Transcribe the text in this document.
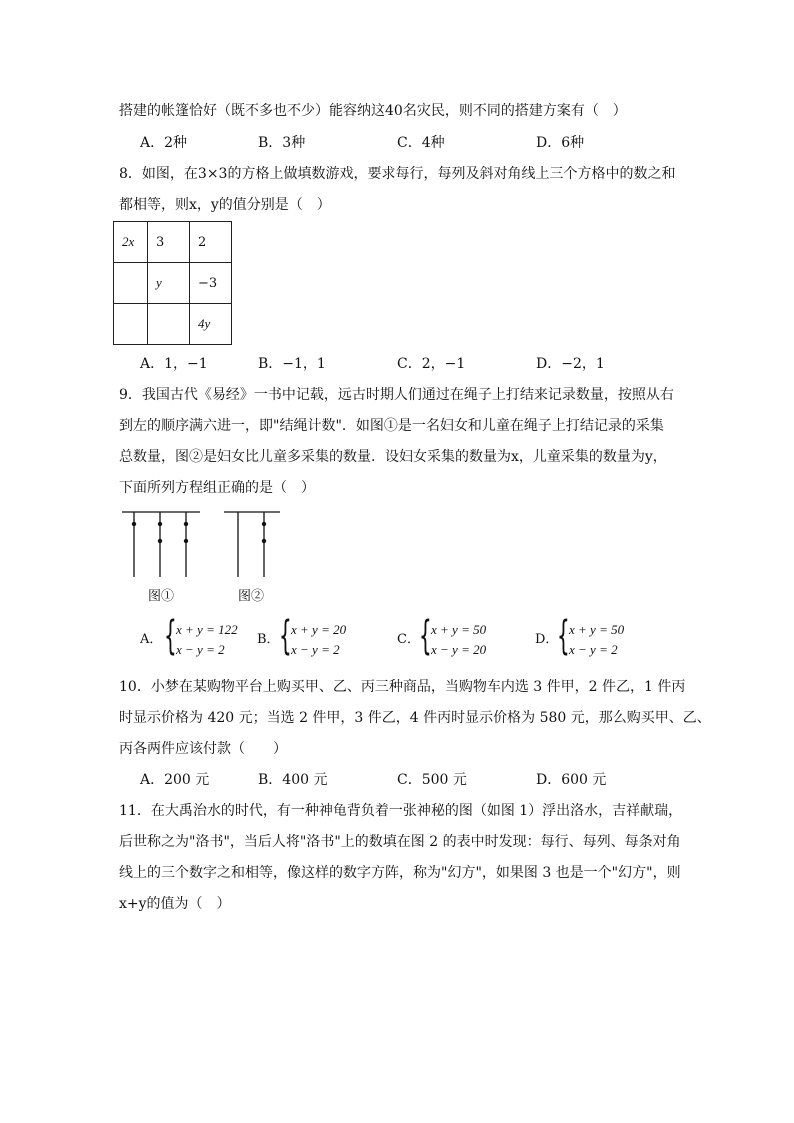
搭建的帐篷恰好（既不多也不少）能容纳这40名灾民，则不同的搭建方案有（　）
A．2种	B．3种	C．4种	D．6种
8．如图，在3×3的方格上做填数游戏，要求每行，每列及斜对角线上三个方格中的数之和
都相等，则x，y的值分别是（　）
2x	3	2
	y	−3
		4y
A．1，−1	B．−1，1	C．2，−1	D．−2，1
9．我国古代《易经》一书中记载，远古时期人们通过在绳子上打结来记录数量，按照从右
到左的顺序满六进一，即"结绳计数"．如图①是一名妇女和儿童在绳子上打结记录的采集
总数量，图②是妇女比儿童多采集的数量．设妇女采集的数量为x，儿童采集的数量为y，
下面所列方程组正确的是（　）
图①	图②
A． { x + y = 122
x − y = 2
B． { x + y = 20
x − y = 2
C． { x + y = 50
x − y = 20
D．
{ x + y = 50
x − y = 2
10．小梦在某购物平台上购买甲、乙、丙三种商品，当购物车内选 3 件甲，2 件乙，1 件丙
时显示价格为 420 元；当选 2 件甲，3 件乙，4 件丙时显示价格为 580 元，那么购买甲、乙、
丙各两件应该付款（　　）
A．200 元	B．400 元	C．500 元	D．600 元
11．在大禹治水的时代，有一种神龟背负着一张神秘的图（如图 1）浮出洛水，吉祥献瑞，
后世称之为"洛书"，当后人将"洛书"上的数填在图 2 的表中时发现：每行、每列、每条对角
线上的三个数字之和相等，像这样的数字方阵，称为"幻方"，如果图 3 也是一个"幻方"，则
x+y的值为（　）
